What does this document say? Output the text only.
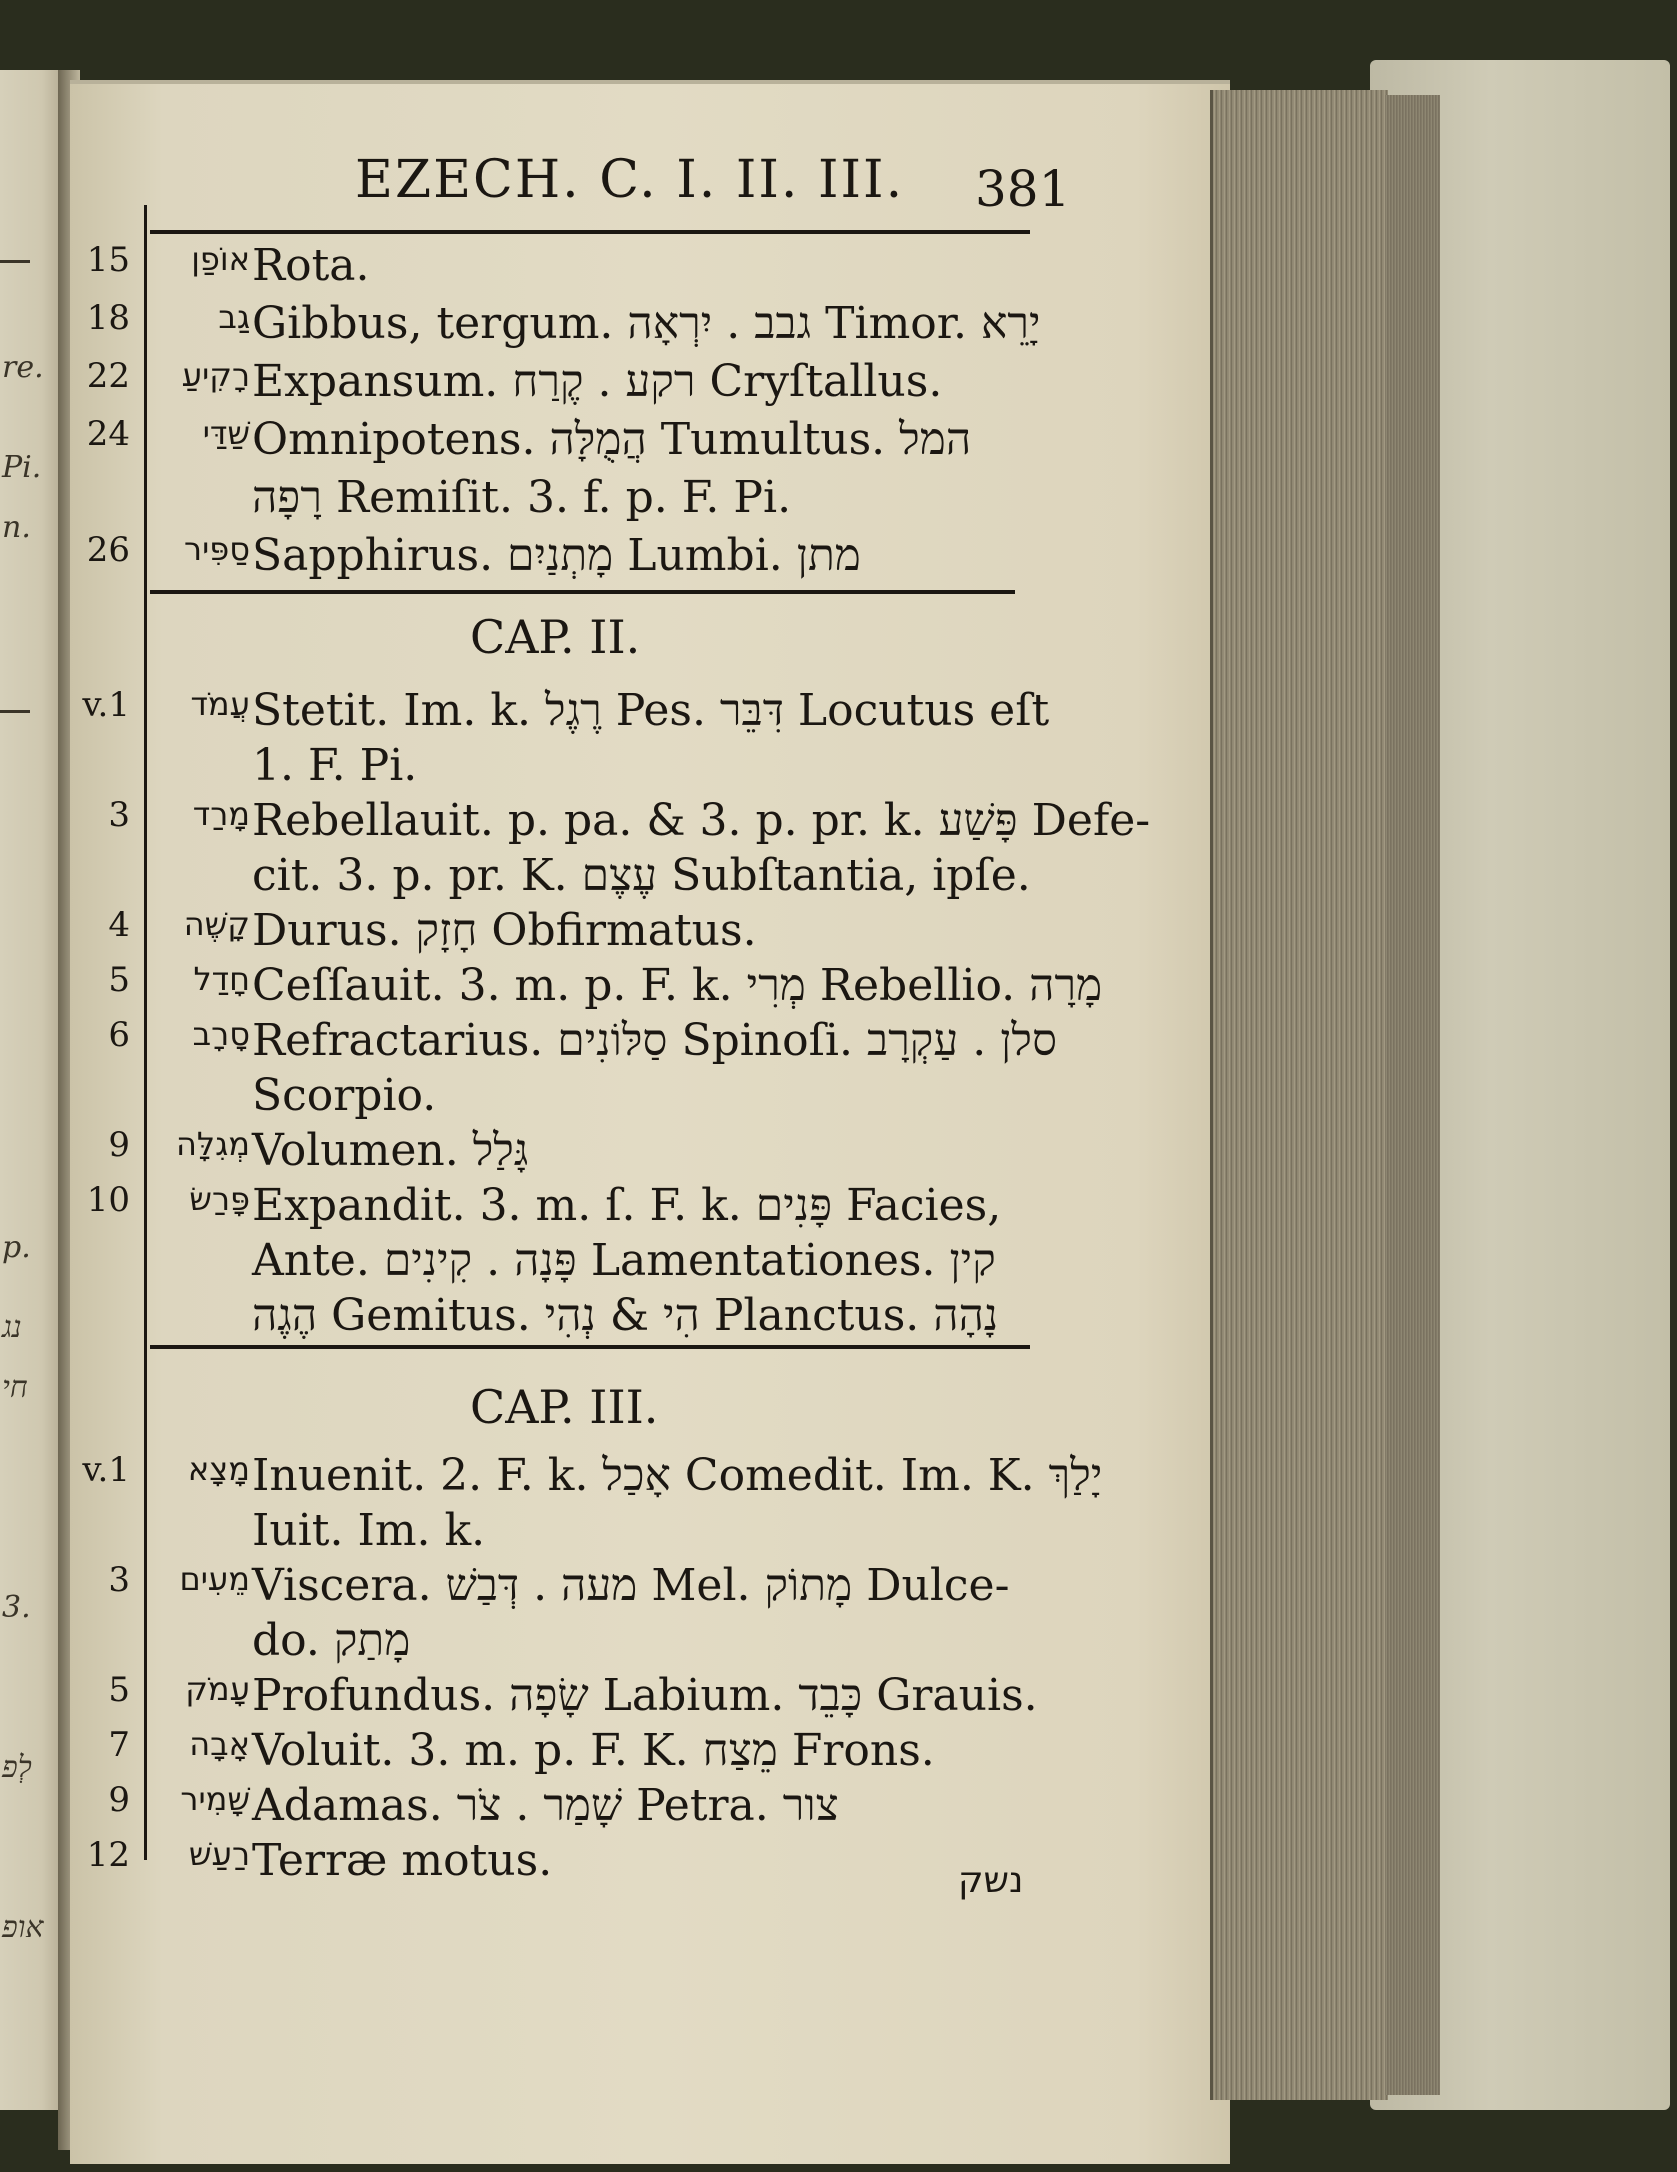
re.
Pi.
n.
p.
נג
חי
3.
לְפ
אופ
EZECH. C. I. II. III. 381
15	אוֹפַן Rota.
18	גַב Gibbus, tergum. גבב . יִרְאָה Timor. יָרֵא
22	רָקִיעַ Expansum. רקע . קֶרַח Cryſtallus.
24	שַׁדַּי Omnipotens. הֲמֻלָּה Tumultus. המל
רָפָה Remiſit. 3. f. p. F. Pi.
26	סַפִּיר Sapphirus. מָתְנַיִם Lumbi. מתן
CAP. II.
v.1	עֲמֹד Stetit. Im. k. רֶגֶל Pes. דִּבֵּר Locutus eſt
1. F. Pi.
3	מָרַד Rebellauit. p. pa. & 3. p. pr. k. פָּשַׁע Defe-
cit. 3. p. pr. K. עֶצֶם Subſtantia, ipſe.
4	קָשֶׁה Durus. חָזָק Obfirmatus.
5	חָדַל Ceſſauit. 3. m. p. F. k. מְרִי Rebellio. מָרָה
6	סָרָב Refractarius. סַלּוֹנִים Spinoſi. סלן . עַקְרָב
Scorpio.
9	מְגִלָּה Volumen. גָּלַל
10	פָּרַשׂ Expandit. 3. m. ſ. F. k. פָּנִים Facies,
Ante. פָּנָה . קִינִים Lamentationes. קין
הֶגֶה Gemitus. הִי & נְהִי Planctus. נָהָה
CAP. III.
v.1	מָצָא Inuenit. 2. F. k. אָכַל Comedit. Im. K. יָלַךְ
Iuit. Im. k.
3	מֵעִים Viscera. מעה . דְּבַשׁ Mel. מָתוֹק Dulce-
do. מָתַק
5	עָמֹק Profundus. שָׂפָה Labium. כָּבֵד Grauis.
7	אָבָה Voluit. 3. m. p. F. K. מֵצַח Frons.
9	שָׁמִיר Adamas. שָׁמַר . צֹר Petra. צור
12	רַעַשׁ Terræ motus.	נשק
